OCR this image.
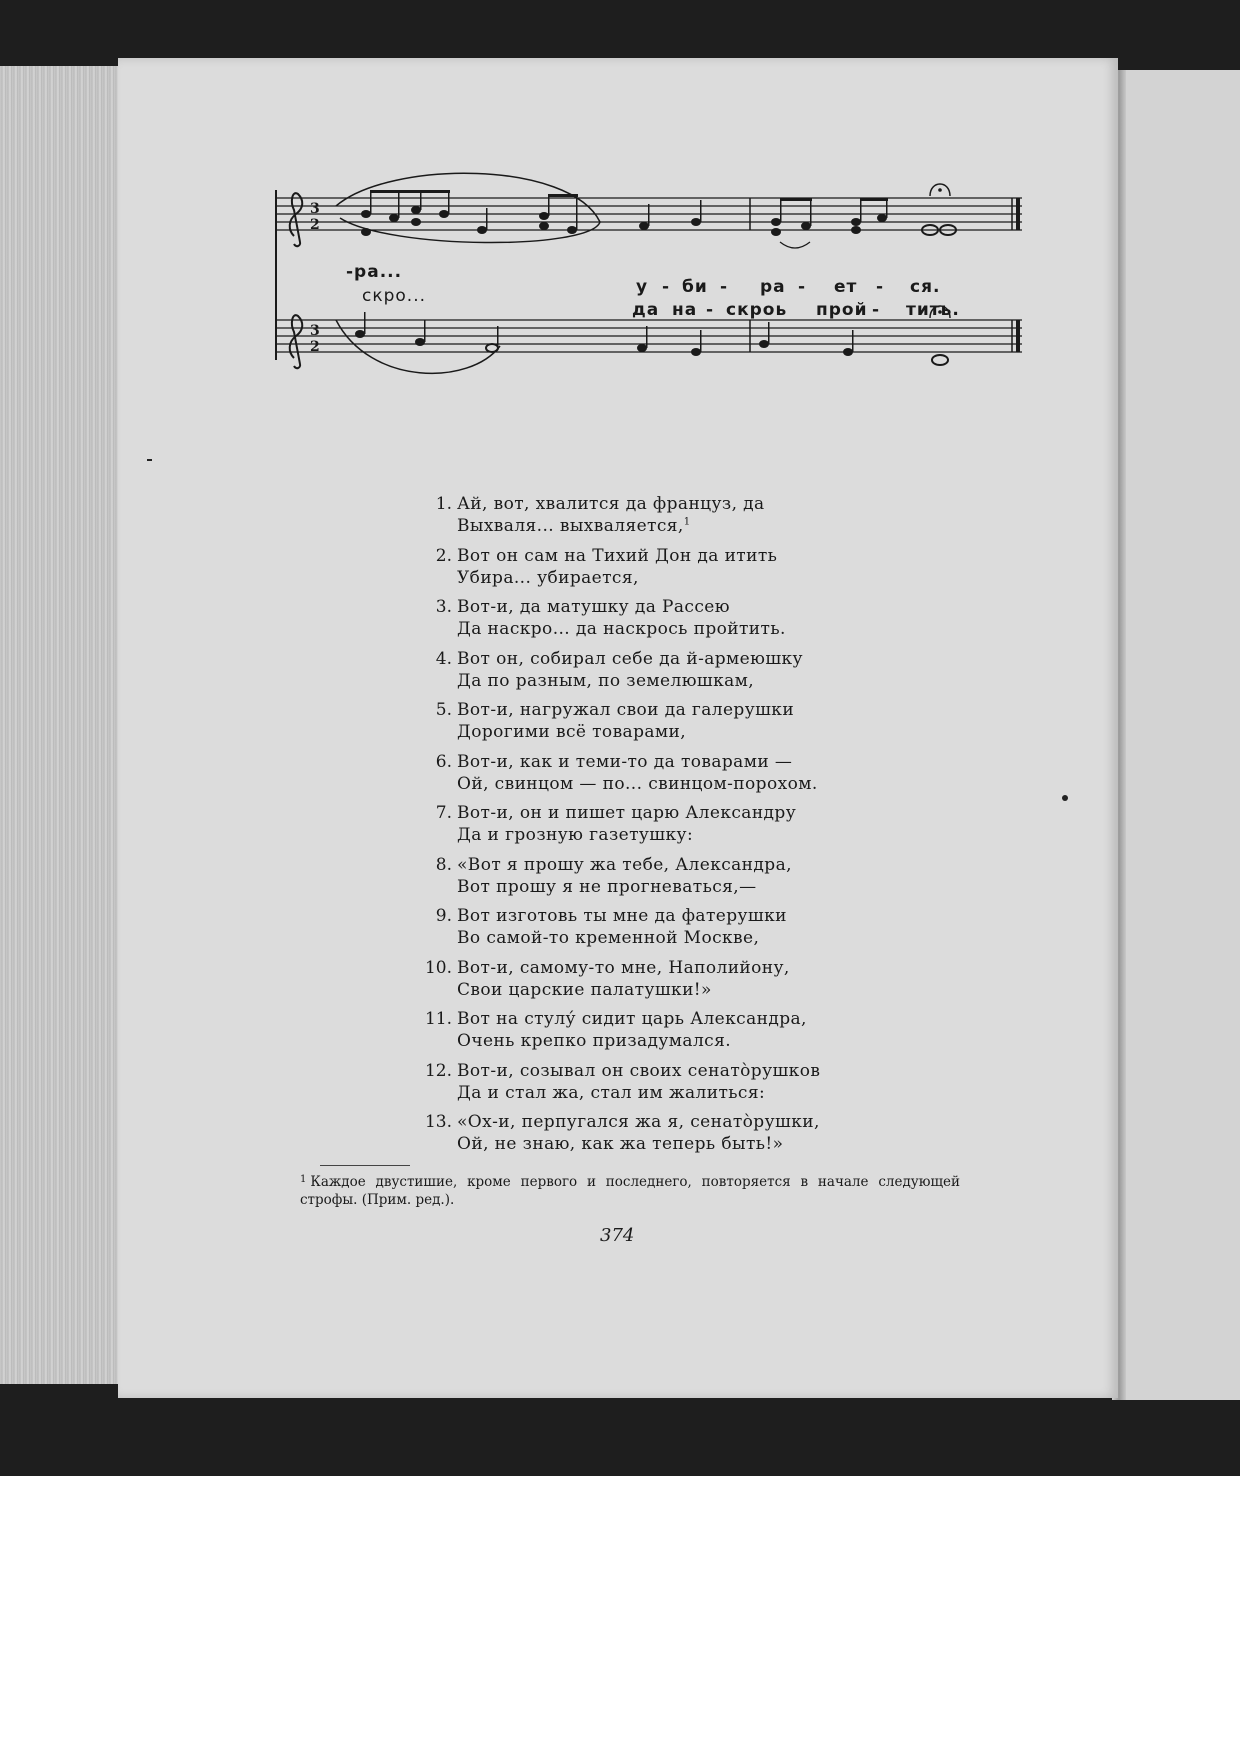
3
2
3
2
-ра...
у - би - ра - ет - ся.
скро...
да на - скроь прой - тить.
1. Ай, вот, хвалится да француз, да
Выхваля... выхваляется,$^1$
2. Вот он сам на Тихий Дон да итить
Убира... убирается,
3. Вот-и, да матушку да Рассею
Да наскро... да наскрось пройтить.
4. Вот он, собирал себе да й-армеюшку
Да по разным, по земелюшкам,
5. Вот-и, нагружал свои да галерушки
Дорогими всё товарами,
6. Вот-и, как и теми-то да товарами —
Ой, свинцом — по... свинцом-порохом.
7. Вот-и, он и пишет царю Александру
Да и грозную газетушку:
8. «Вот я прошу жа тебе, Александра,
Вот прошу я не прогневаться,—
9. Вот изготовь ты мне да фатерушки
Во самой-то кременной Москве,
10. Вот-и, самому-то мне, Наполийону,
Свои царские палатушки!»
11. Вот на стулу́ сидит царь Александра,
Очень крепко призадумался.
12. Вот-и, созывал он своих сенато̀рушков
Да и стал жа, стал им жалиться:
13. «Ох-и, перпугался жа я, сенато̀рушки,
Ой, не знаю, как жа теперь быть!»
$^1$ Каждое двустишие, кроме первого и последнего, повторяется в начале следующей строфы. (Прим. ред.).
374
